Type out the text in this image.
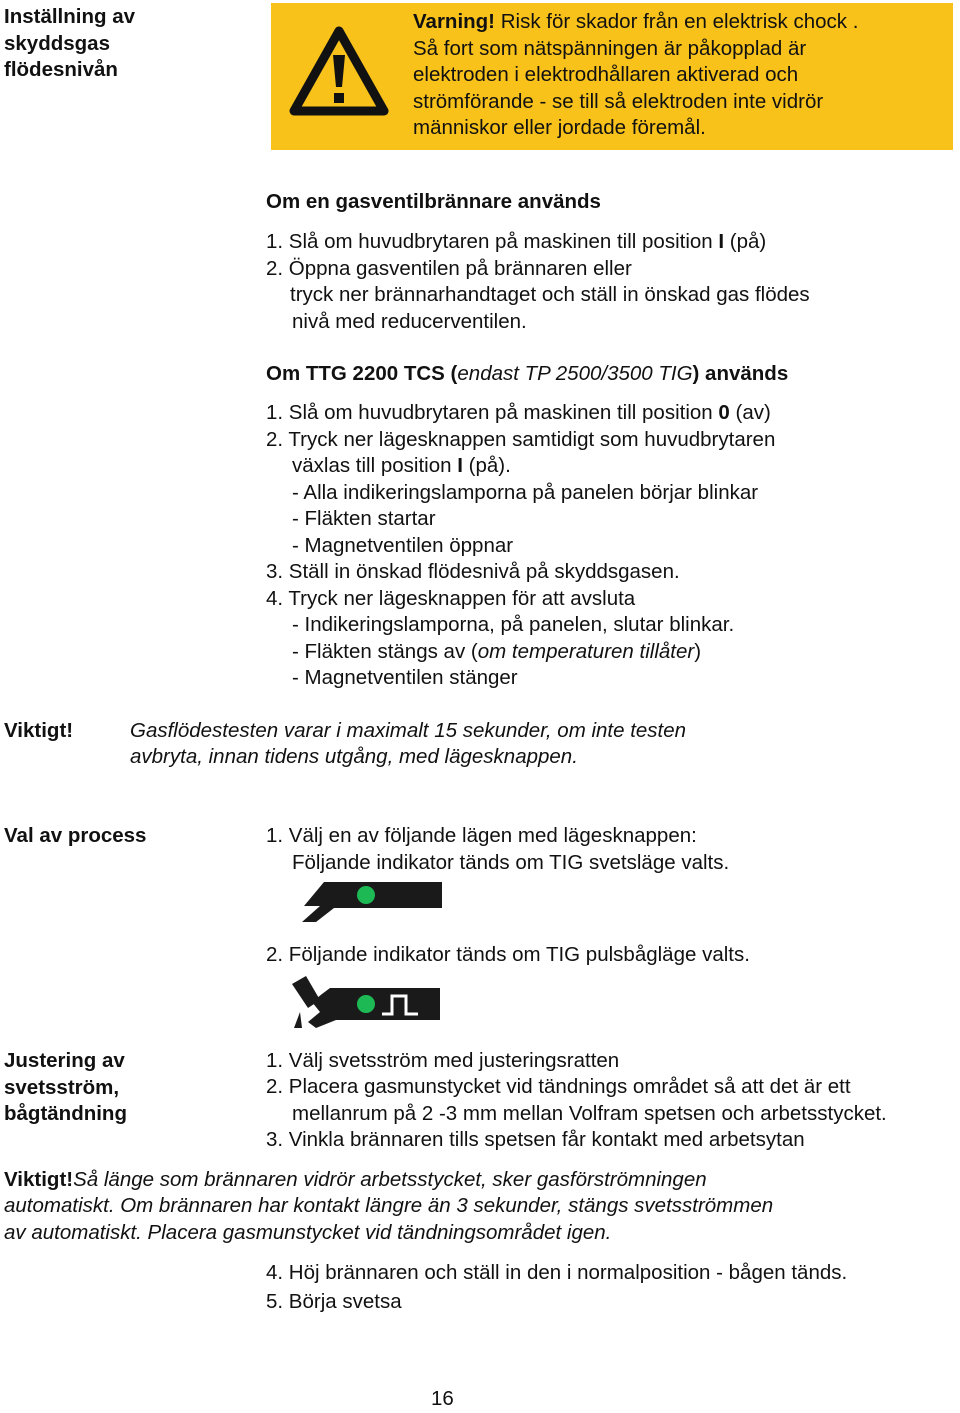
Inställning av
skyddsgas
flödesnivån
Varning! Risk för skador från en elektrisk chock .
Så fort som nätspänningen är påkopplad är
elektroden i elektrodhållaren aktiverad och
strömförande - se till så elektroden inte vidrör
människor eller jordade föremål.
Om en gasventilbrännare används
1. Slå om huvudbrytaren på maskinen till position I (på)
2. Öppna gasventilen på brännaren eller
tryck ner brännarhandtaget och ställ in önskad gas flödes
nivå med reducerventilen.
Om TTG 2200 TCS (endast TP 2500/3500 TIG) används
1. Slå om huvudbrytaren på maskinen till position 0 (av)
2. Tryck ner lägesknappen samtidigt som huvudbrytaren
växlas till position I (på).
- Alla indikeringslamporna på panelen börjar blinkar
- Fläkten startar
- Magnetventilen öppnar
3. Ställ in önskad flödesnivå på skyddsgasen.
4. Tryck ner lägesknappen för att avsluta
- Indikeringslamporna, på panelen, slutar blinkar.
- Fläkten stängs av (om temperaturen tillåter)
- Magnetventilen stänger
Viktigt!	Gasflödestesten varar i maximalt 15 sekunder, om inte testen
avbryta, innan tidens utgång, med lägesknappen.
Val av process	1. Välj en av följande lägen med lägesknappen:
Följande indikator tänds om TIG svetsläge valts.
2. Följande indikator tänds om TIG pulsbågläge valts.
Justering av
svetsström,
bågtändning
1. Välj svetsström med justeringsratten
2. Placera gasmunstycket vid tändnings området så att det är ett
mellanrum på 2 -3 mm mellan Volfram spetsen och arbetsstycket.
3. Vinkla brännaren tills spetsen får kontakt med arbetsytan
Viktigt!Så länge som brännaren vidrör arbetsstycket, sker gasförströmningen
automatiskt. Om brännaren har kontakt längre än 3 sekunder, stängs svetsströmmen
av automatiskt. Placera gasmunstycket vid tändningsområdet igen.
4. Höj brännaren och ställ in den i normalposition - bågen tänds.
5. Börja svetsa
16
